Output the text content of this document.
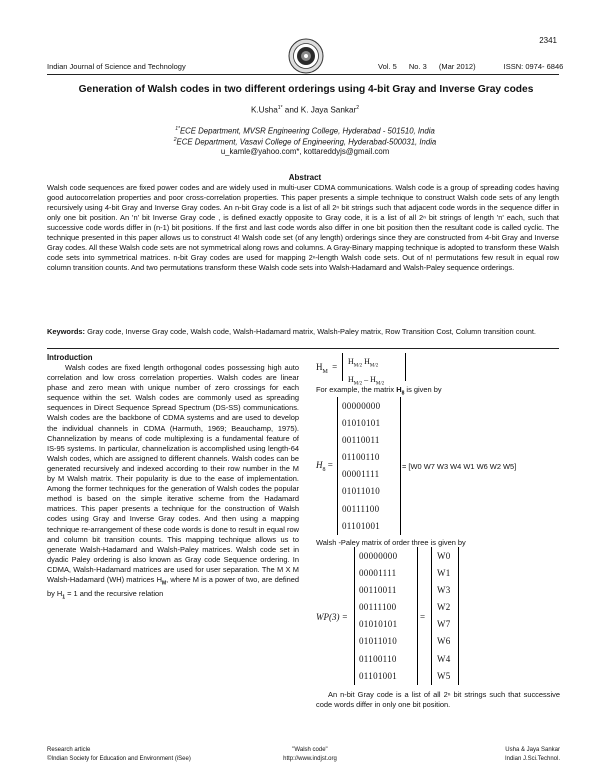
2341
Indian Journal of Science and Technology	Vol. 5 No. 3 (Mar 2012)	ISSN: 0974- 6846
Generation of Walsh codes in two different orderings using 4-bit Gray and Inverse Gray codes
K.Usha$^{1*}$ and K. Jaya Sankar$^2$
$^{1*}$ECE Department, MVSR Engineering College, Hyderabad - 501510, India
$^2$ECE Department, Vasavi College of Engineering, Hyderabad-500031, India
u_kamle@yahoo.com*, kottareddyjs@gmail.com
Abstract
Walsh code sequences are fixed power codes and are widely used in multi-user CDMA communications. Walsh code is a group of spreading codes having good autocorrelation properties and poor cross-correlation properties. This paper presents a simple technique to construct Walsh code sets of any length recursively using 4-bit Gray and Inverse Gray codes. An n-bit Gray code is a list of all 2ⁿ bit strings such that adjacent code words in the sequence differ in only one bit position. An 'n' bit Inverse Gray code , is defined exactly opposite to Gray code, it is a list of all 2ⁿ bit strings of length 'n' each, such that successive code words differ in (n-1) bit positions. If the first and last code words also differ in one bit position then the resultant code is called cyclic. The technique presented in this paper allows us to construct 4! Walsh code set (of any length) orderings since they are constructed from 4-bit Gray and Inverse Gray codes. All these Walsh code sets are not symmetrical along rows and columns. A Gray-Binary mapping technique is adopted to transform these Walsh code sets into symmetrical matrices. n-bit Gray codes are used for mapping 2ⁿ-length Walsh code sets. Out of n! permutations few result in equal row column transition counts. And two permutations transform these Walsh code sets into Walsh-Hadamard and Walsh-Paley sequence orderings.
Keywords: Gray code, Inverse Gray code, Walsh code, Walsh-Hadamard matrix, Walsh-Paley matrix, Row Transition Cost, Column transition count.
Introduction

Walsh codes are fixed length orthogonal codes possessing high auto correlation and low cross correlation properties. Walsh codes are linear phase and zero mean with unique number of zero crossings for each sequence within the set. Walsh codes are commonly used as spreading sequences in Direct Sequence Spread Spectrum (DS-SS) communications. Walsh codes are the backbone of CDMA systems and are used to develop the individual channels in CDMA (Harmuth, 1969; Beauchamp, 1975). Channelization by means of code multiplexing is a fundamental feature of IS-95 systems. In particular, channelization is accomplished using length-64 Walsh codes, which are assigned to different channels. Walsh codes can be generated recursively and indexed according to their row number in the M by M Walsh matrix. Their popularity is due to the ease of implementation. Among the former techniques for the generation of Walsh codes the popular method is based on the simple iterative scheme from the Hadamard matrices. This paper presents a technique for the construction of Walsh codes using Gray and Inverse Gray codes. And then using a mapping technique re-arrangement of these code words is done to result in equal row and column bit transition counts. This mapping technique allows us to generate Walsh-Hadamard and Walsh-Paley matrices. Walsh code set in dyadic Paley ordering is also known as Gray code Sequence ordering. In CDMA, Walsh-Hadamard matrices are used for user separation. The M X M Walsh-Hadamard (WH) matrices $H_M$, where M is a power of two, are defined by $H_1 = 1$ and the recursive relation

$H_M$ =
$H_{M/2}$ $H_{M/2}$
$H_{M/2} - H_{M/2}$
For example, the matrix $H_8$ is given by
$H_8$ =
00000000
01010101
00110011
01100110
00001111
01011010
00111100
01101001
= [W0 W7 W3 W4 W1 W6 W2 W5]
Walsh -Paley matrix of order three is given by
WP(3) =
00000000
00001111
00110011
00111100
01010101
01011010
01100110
01101001
=
W0
W1
W3
W2
W7
W6
W4
W5
An n-bit Gray code is a list of all 2ⁿ bit strings such that successive code words differ in only one bit position.
Research article
©Indian Society for Education and Environment (iSee)
"Walsh code"
http://www.indjst.org
Usha & Jaya Sankar
Indian J.Sci.Technol.
